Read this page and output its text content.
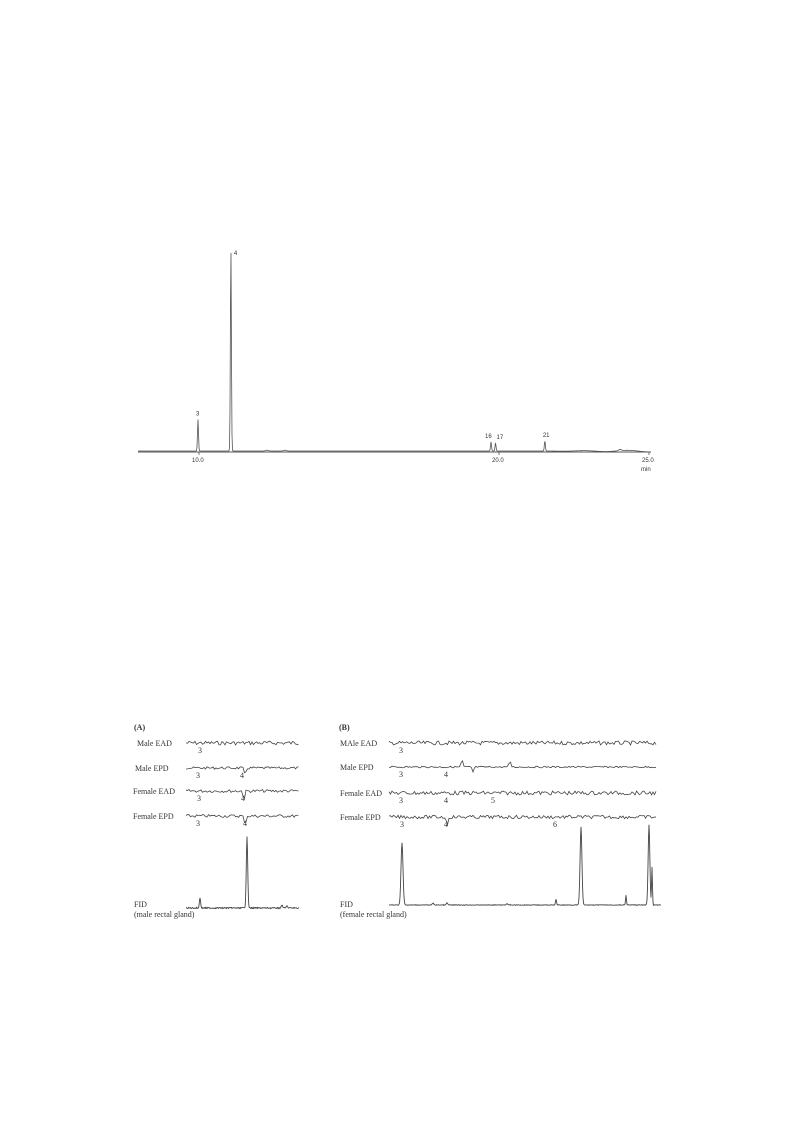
3
4
16 17	21
10.0	20.0	25.0
min
(A)
Male EAD
3
Male EPD
3	4
Female EAD
3	4
Female EPD
3	4
FID
(male rectal gland)
(B)
MAle EAD
3
Male EPD
3	4
Female EAD
3	4	5
Female EPD
3	4	6
FID
(female rectal gland)
